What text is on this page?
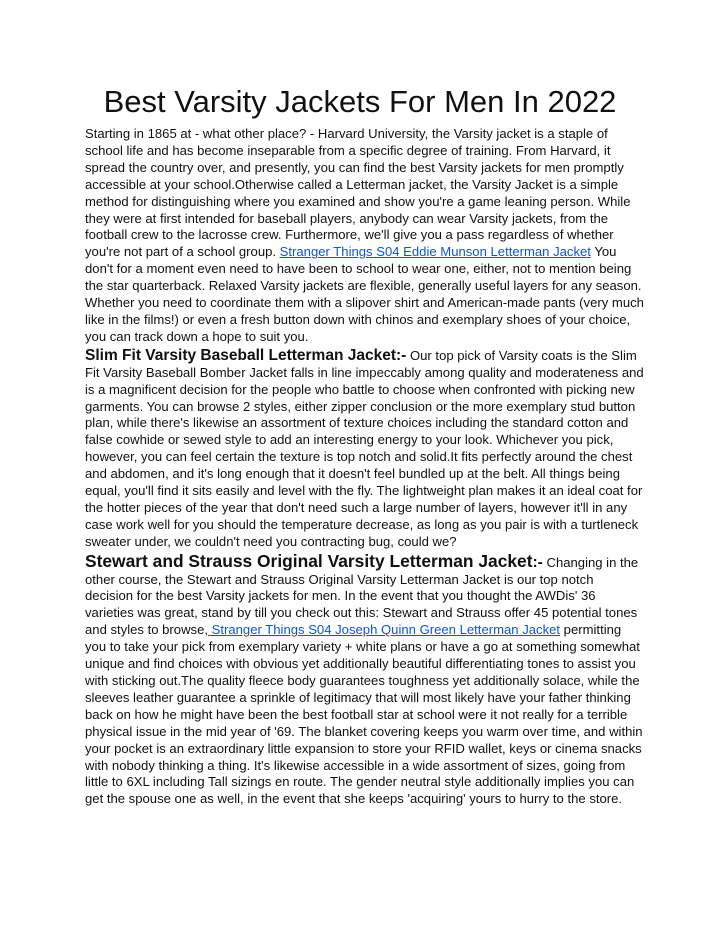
Best Varsity Jackets For Men In 2022

Starting in 1865 at - what other place? - Harvard University, the Varsity jacket is a staple of school life and has become inseparable from a specific degree of training. From Harvard, it spread the country over, and presently, you can find the best Varsity jackets for men promptly accessible at your school.Otherwise called a Letterman jacket, the Varsity Jacket is a simple method for distinguishing where you examined and show you're a game leaning person. While they were at first intended for baseball players, anybody can wear Varsity jackets, from the football crew to the lacrosse crew. Furthermore, we'll give you a pass regardless of whether you're not part of a school group. Stranger Things S04 Eddie Munson Letterman Jacket You don't for a moment even need to have been to school to wear one, either, not to mention being the star quarterback. Relaxed Varsity jackets are flexible, generally useful layers for any season. Whether you need to coordinate them with a slipover shirt and American-made pants (very much like in the films!) or even a fresh button down with chinos and exemplary shoes of your choice, you can track down a hope to suit you.

Slim Fit Varsity Baseball Letterman Jacket:- Our top pick of Varsity coats is the Slim Fit Varsity Baseball Bomber Jacket falls in line impeccably among quality and moderateness and is a magnificent decision for the people who battle to choose when confronted with picking new garments. You can browse 2 styles, either zipper conclusion or the more exemplary stud button plan, while there's likewise an assortment of texture choices including the standard cotton and false cowhide or sewed style to add an interesting energy to your look. Whichever you pick, however, you can feel certain the texture is top notch and solid.It fits perfectly around the chest and abdomen, and it's long enough that it doesn't feel bundled up at the belt. All things being equal, you'll find it sits easily and level with the fly. The lightweight plan makes it an ideal coat for the hotter pieces of the year that don't need such a large number of layers, however it'll in any case work well for you should the temperature decrease, as long as you pair is with a turtleneck sweater under, we couldn't need you contracting bug, could we?

Stewart and Strauss Original Varsity Letterman Jacket:- Changing in the other course, the Stewart and Strauss Original Varsity Letterman Jacket is our top notch decision for the best Varsity jackets for men. In the event that you thought the AWDis' 36 varieties was great, stand by till you check out this: Stewart and Strauss offer 45 potential tones and styles to browse, Stranger Things S04 Joseph Quinn Green Letterman Jacket permitting you to take your pick from exemplary variety + white plans or have a go at something somewhat unique and find choices with obvious yet additionally beautiful differentiating tones to assist you with sticking out.The quality fleece body guarantees toughness yet additionally solace, while the sleeves leather guarantee a sprinkle of legitimacy that will most likely have your father thinking back on how he might have been the best football star at school were it not really for a terrible physical issue in the mid year of '69. The blanket covering keeps you warm over time, and within your pocket is an extraordinary little expansion to store your RFID wallet, keys or cinema snacks with nobody thinking a thing. It's likewise accessible in a wide assortment of sizes, going from little to 6XL including Tall sizings en route. The gender neutral style additionally implies you can get the spouse one as well, in the event that she keeps 'acquiring' yours to hurry to the store.
